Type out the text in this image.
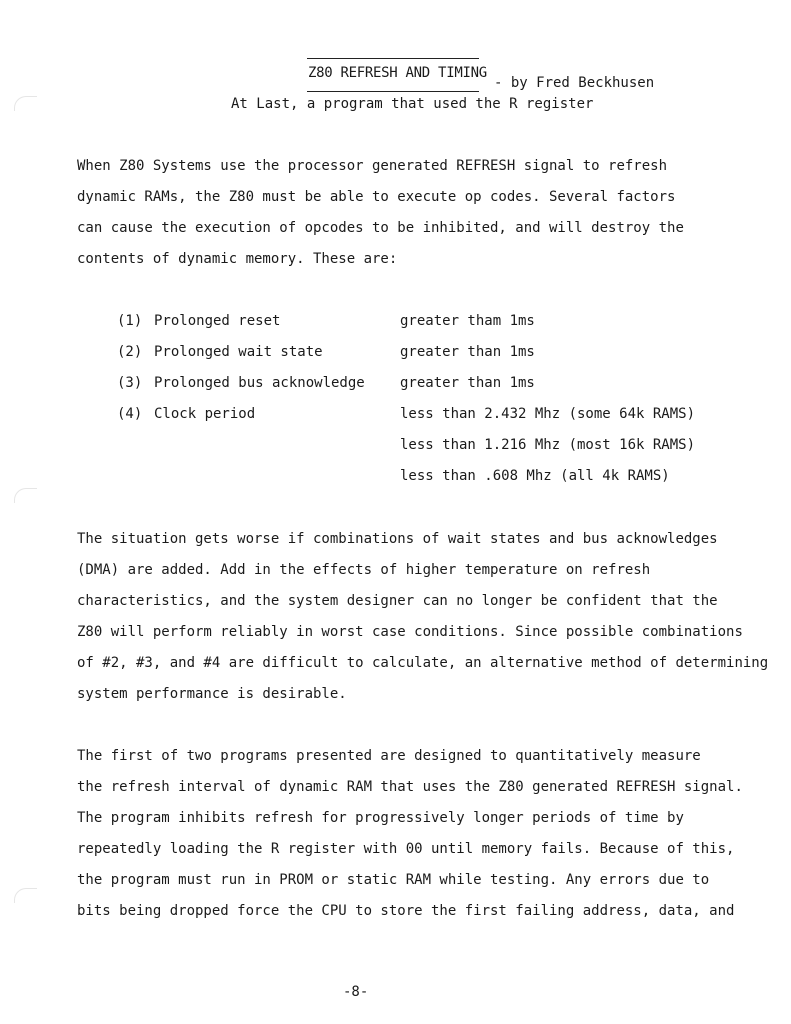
Z80 REFRESH AND TIMING
- by Fred Beckhusen
At Last, a program that used the R register
When Z80 Systems use the processor generated REFRESH signal to refresh
dynamic RAMs, the Z80 must be able to execute op codes. Several factors
can cause the execution of opcodes to be inhibited, and will destroy the
contents of dynamic memory. These are:
(1) Prolonged reset	greater tham 1ms
(2) Prolonged wait state	greater than 1ms
(3) Prolonged bus acknowledge	greater than 1ms
(4) Clock period	less than 2.432 Mhz (some 64k RAMS)
less than 1.216 Mhz (most 16k RAMS)
less than .608 Mhz (all 4k RAMS)
The situation gets worse if combinations of wait states and bus acknowledges
(DMA) are added. Add in the effects of higher temperature on refresh
characteristics, and the system designer can no longer be confident that the
Z80 will perform reliably in worst case conditions. Since possible combinations
of #2, #3, and #4 are difficult to calculate, an alternative method of determining
system performance is desirable.
The first of two programs presented are designed to quantitatively measure
the refresh interval of dynamic RAM that uses the Z80 generated REFRESH signal.
The program inhibits refresh for progressively longer periods of time by
repeatedly loading the R register with 00 until memory fails. Because of this,
the program must run in PROM or static RAM while testing. Any errors due to
bits being dropped force the CPU to store the first failing address, data, and
-8-
